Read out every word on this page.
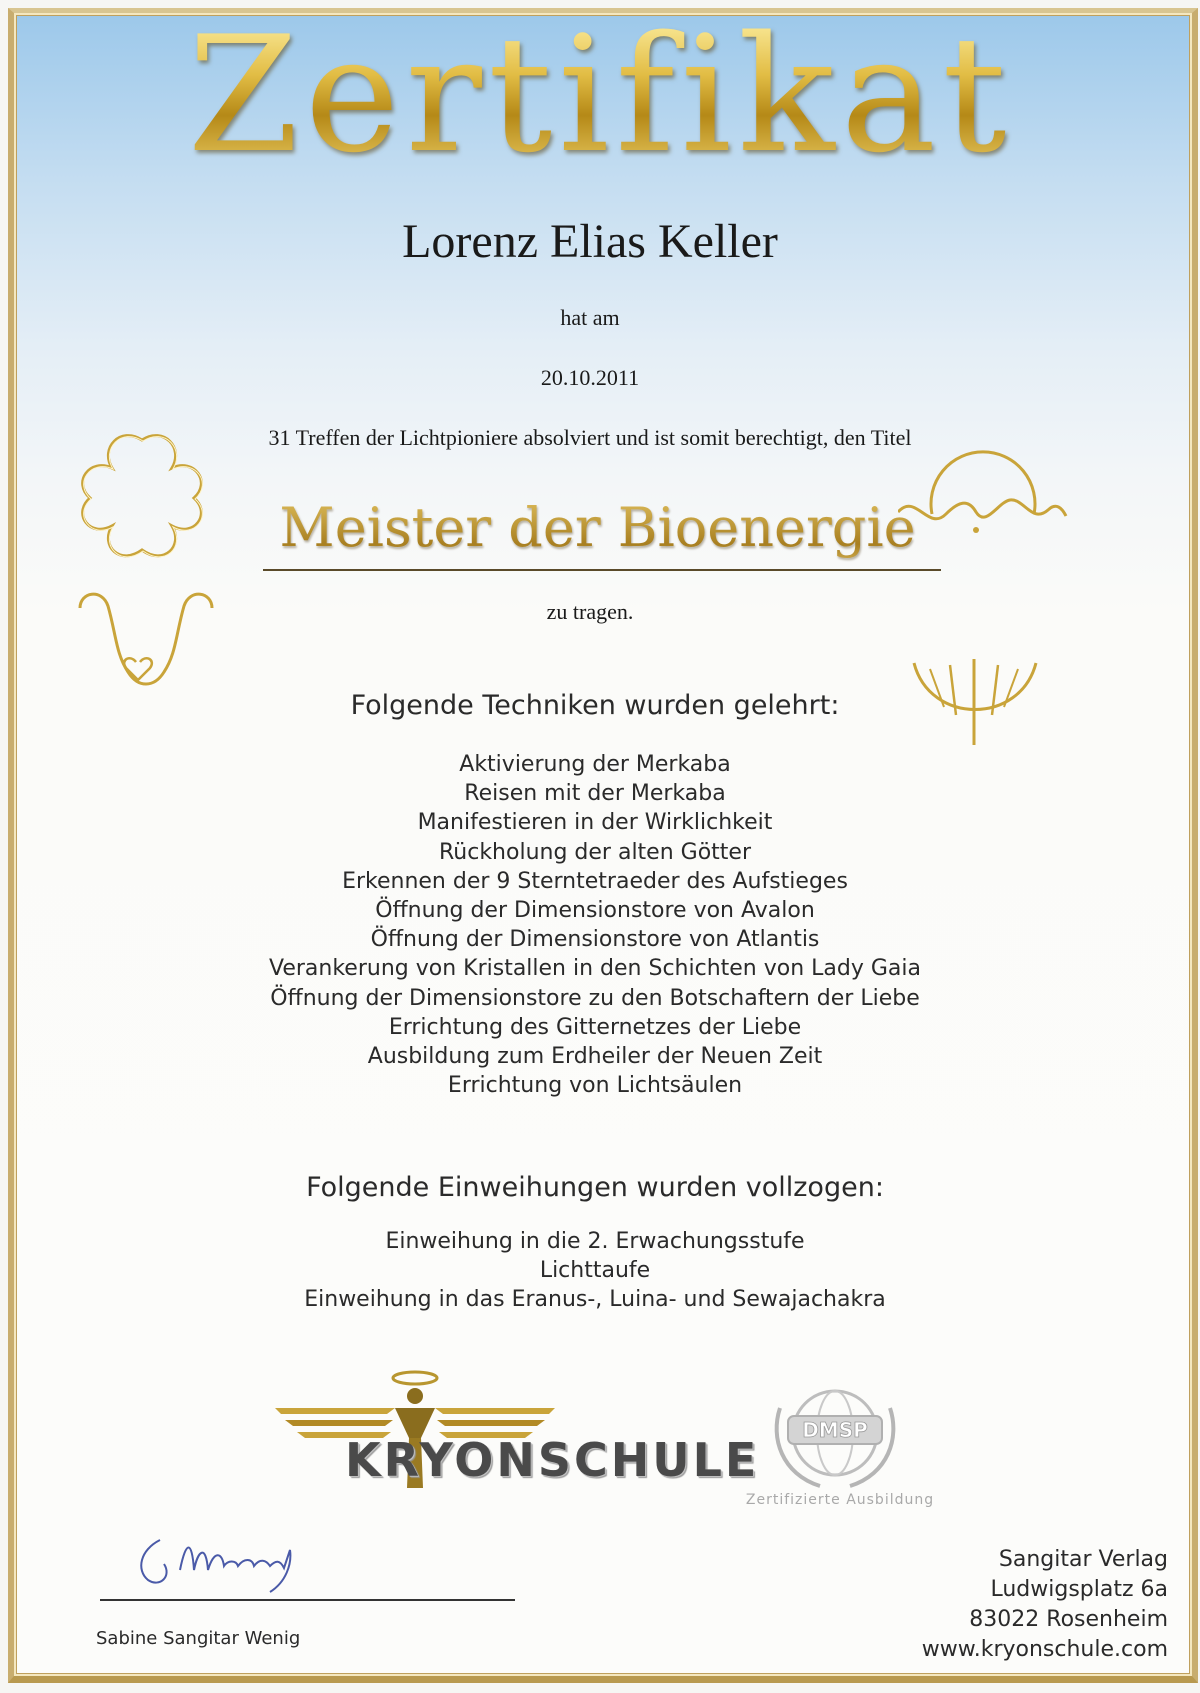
Zertifikat
Lorenz Elias Keller
hat am
20.10.2011
31 Treffen der Lichtpioniere absolviert und ist somit berechtigt, den Titel
Meister der Bioenergie
zu tragen.
Folgende Techniken wurden gelehrt:
Aktivierung der Merkaba
Reisen mit der Merkaba
Manifestieren in der Wirklichkeit
Rückholung der alten Götter
Erkennen der 9 Sterntetraeder des Aufstieges
Öffnung der Dimensionstore von Avalon
Öffnung der Dimensionstore von Atlantis
Verankerung von Kristallen in den Schichten von Lady Gaia
Öffnung der Dimensionstore zu den Botschaftern der Liebe
Errichtung des Gitternetzes der Liebe
Ausbildung zum Erdheiler der Neuen Zeit
Errichtung von Lichtsäulen
Folgende Einweihungen wurden vollzogen:
Einweihung in die 2. Erwachungsstufe
Lichttaufe
Einweihung in das Eranus-, Luina- und Sewajachakra
KRYONSCHULE
DMSP
Zertifizierte Ausbildung
Sabine Sangitar Wenig
Sangitar Verlag
Ludwigsplatz 6a
83022 Rosenheim
www.kryonschule.com
